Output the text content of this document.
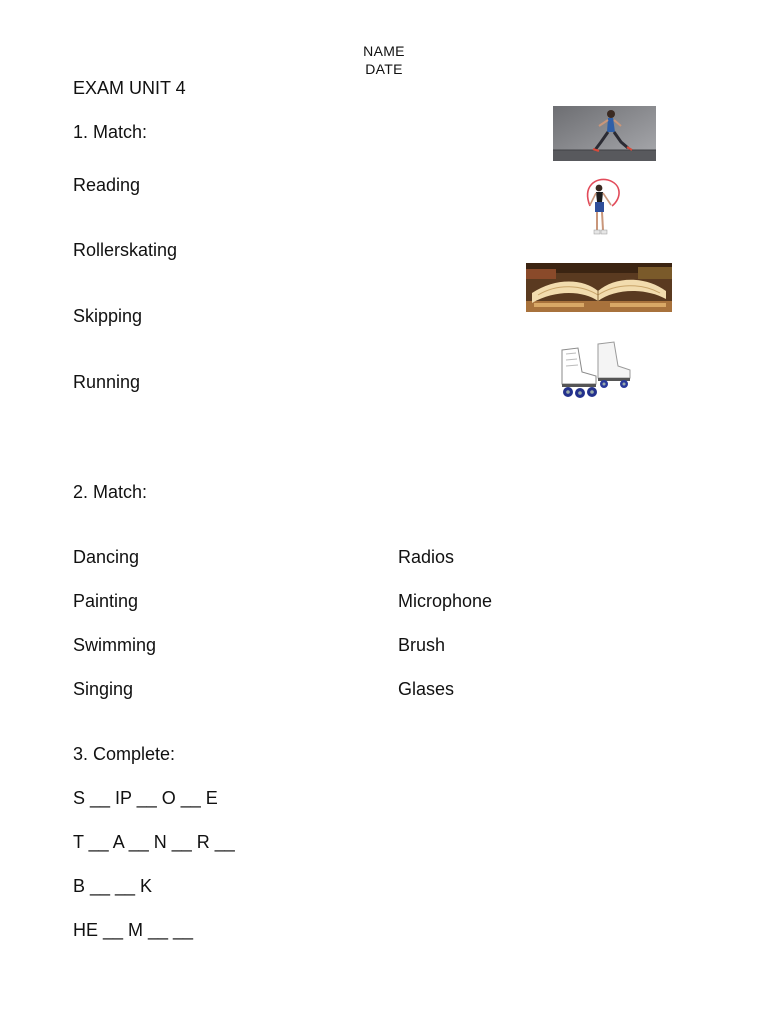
NAME
DATE
EXAM UNIT 4
1. Match:
Reading
Rollerskating
Skipping
Running
2. Match:
Dancing
Painting
Swimming
Singing
Radios
Microphone
Brush
Glases
3. Complete:
S __ IP __ O __ E
T __ A __ N __ R __
B __ __ K
HE __ M __ __
